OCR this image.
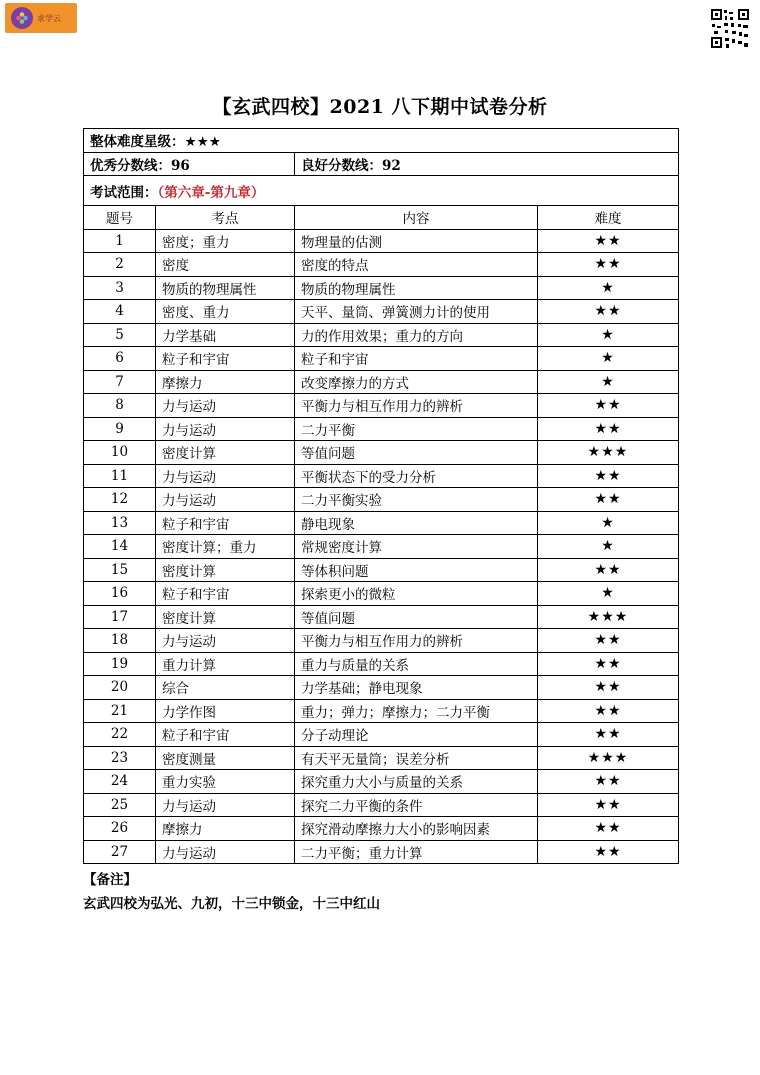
求学云
【玄武四校】2021 八下期中试卷分析
整体难度星级：★★★			
优秀分数线：96		良好分数线：92	
考试范围：（第六章-第九章）			
题号	考点	内容	难度
1	密度；重力	物理量的估测	★★
2	密度	密度的特点	★★
3	物质的物理属性	物质的物理属性	★
4	密度、重力	天平、量筒、弹簧测力计的使用	★★
5	力学基础	力的作用效果；重力的方向	★
6	粒子和宇宙	粒子和宇宙	★
7	摩擦力	改变摩擦力的方式	★
8	力与运动	平衡力与相互作用力的辨析	★★
9	力与运动	二力平衡	★★
10	密度计算	等值问题	★★★
11	力与运动	平衡状态下的受力分析	★★
12	力与运动	二力平衡实验	★★
13	粒子和宇宙	静电现象	★
14	密度计算；重力	常规密度计算	★
15	密度计算	等体积问题	★★
16	粒子和宇宙	探索更小的微粒	★
17	密度计算	等值问题	★★★
18	力与运动	平衡力与相互作用力的辨析	★★
19	重力计算	重力与质量的关系	★★
20	综合	力学基础；静电现象	★★
21	力学作图	重力；弹力；摩擦力；二力平衡	★★
22	粒子和宇宙	分子动理论	★★
23	密度测量	有天平无量筒；误差分析	★★★
24	重力实验	探究重力大小与质量的关系	★★
25	力与运动	探究二力平衡的条件	★★
26	摩擦力	探究滑动摩擦力大小的影响因素	★★
27	力与运动	二力平衡；重力计算	★★
【备注】
玄武四校为弘光、九初，十三中锁金，十三中红山
